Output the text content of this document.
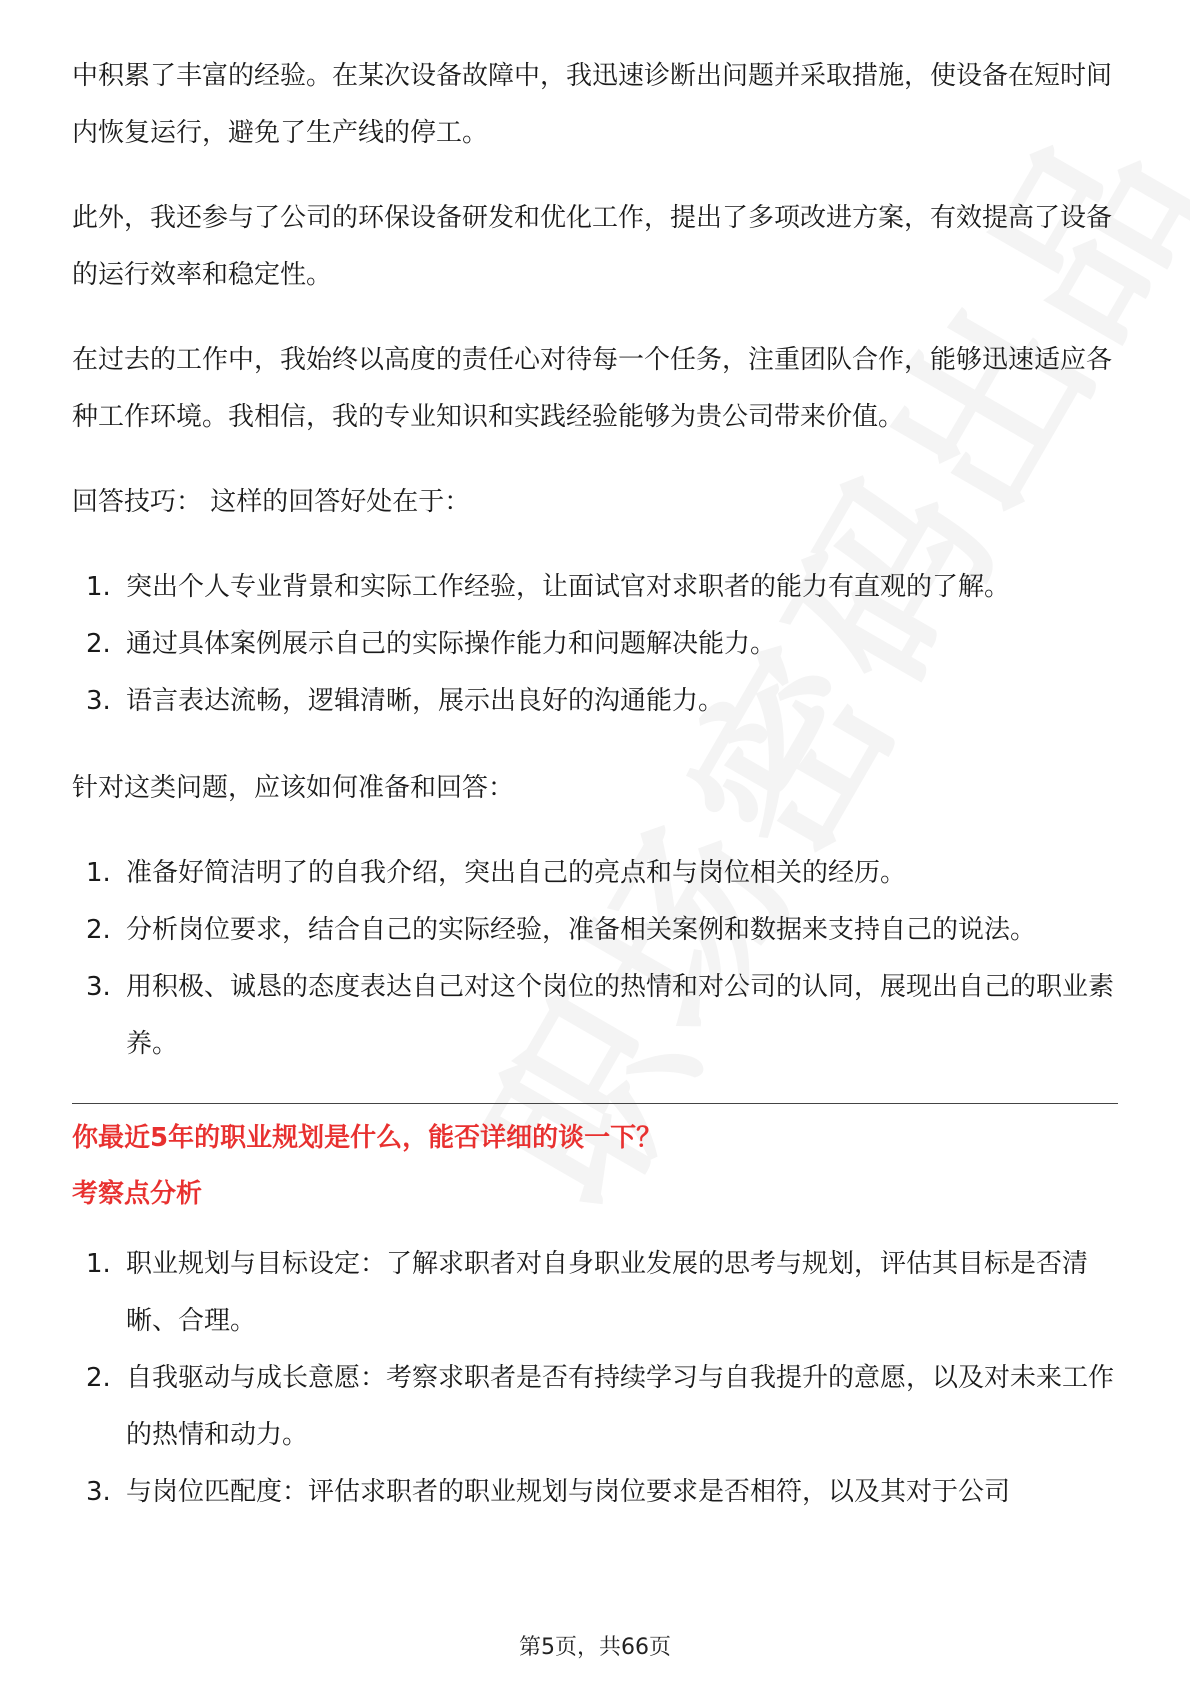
中积累了丰富的经验。在某次设备故障中，我迅速诊断出问题并采取措施，使设备在短时间内恢复运行，避免了生产线的停工。

此外，我还参与了公司的环保设备研发和优化工作，提出了多项改进方案，有效提高了设备的运行效率和稳定性。

在过去的工作中，我始终以高度的责任心对待每一个任务，注重团队合作，能够迅速适应各种工作环境。我相信，我的专业知识和实践经验能够为贵公司带来价值。

回答技巧： 这样的回答好处在于：

1. 突出个人专业背景和实际工作经验，让面试官对求职者的能力有直观的了解。
2. 通过具体案例展示自己的实际操作能力和问题解决能力。
3. 语言表达流畅，逻辑清晰，展示出良好的沟通能力。

针对这类问题，应该如何准备和回答：

1. 准备好简洁明了的自我介绍，突出自己的亮点和与岗位相关的经历。
2. 分析岗位要求，结合自己的实际经验，准备相关案例和数据来支持自己的说法。
3. 用积极、诚恳的态度表达自己对这个岗位的热情和对公司的认同，展现出自己的职业素养。

你最近5年的职业规划是什么，能否详细的谈一下？

考察点分析

1. 职业规划与目标设定：了解求职者对自身职业发展的思考与规划，评估其目标是否清晰、合理。
2. 自我驱动与成长意愿：考察求职者是否有持续学习与自我提升的意愿，以及对未来工作的热情和动力。
3. 与岗位匹配度：评估求职者的职业规划与岗位要求是否相符，以及其对于公司
第5页，共66页
